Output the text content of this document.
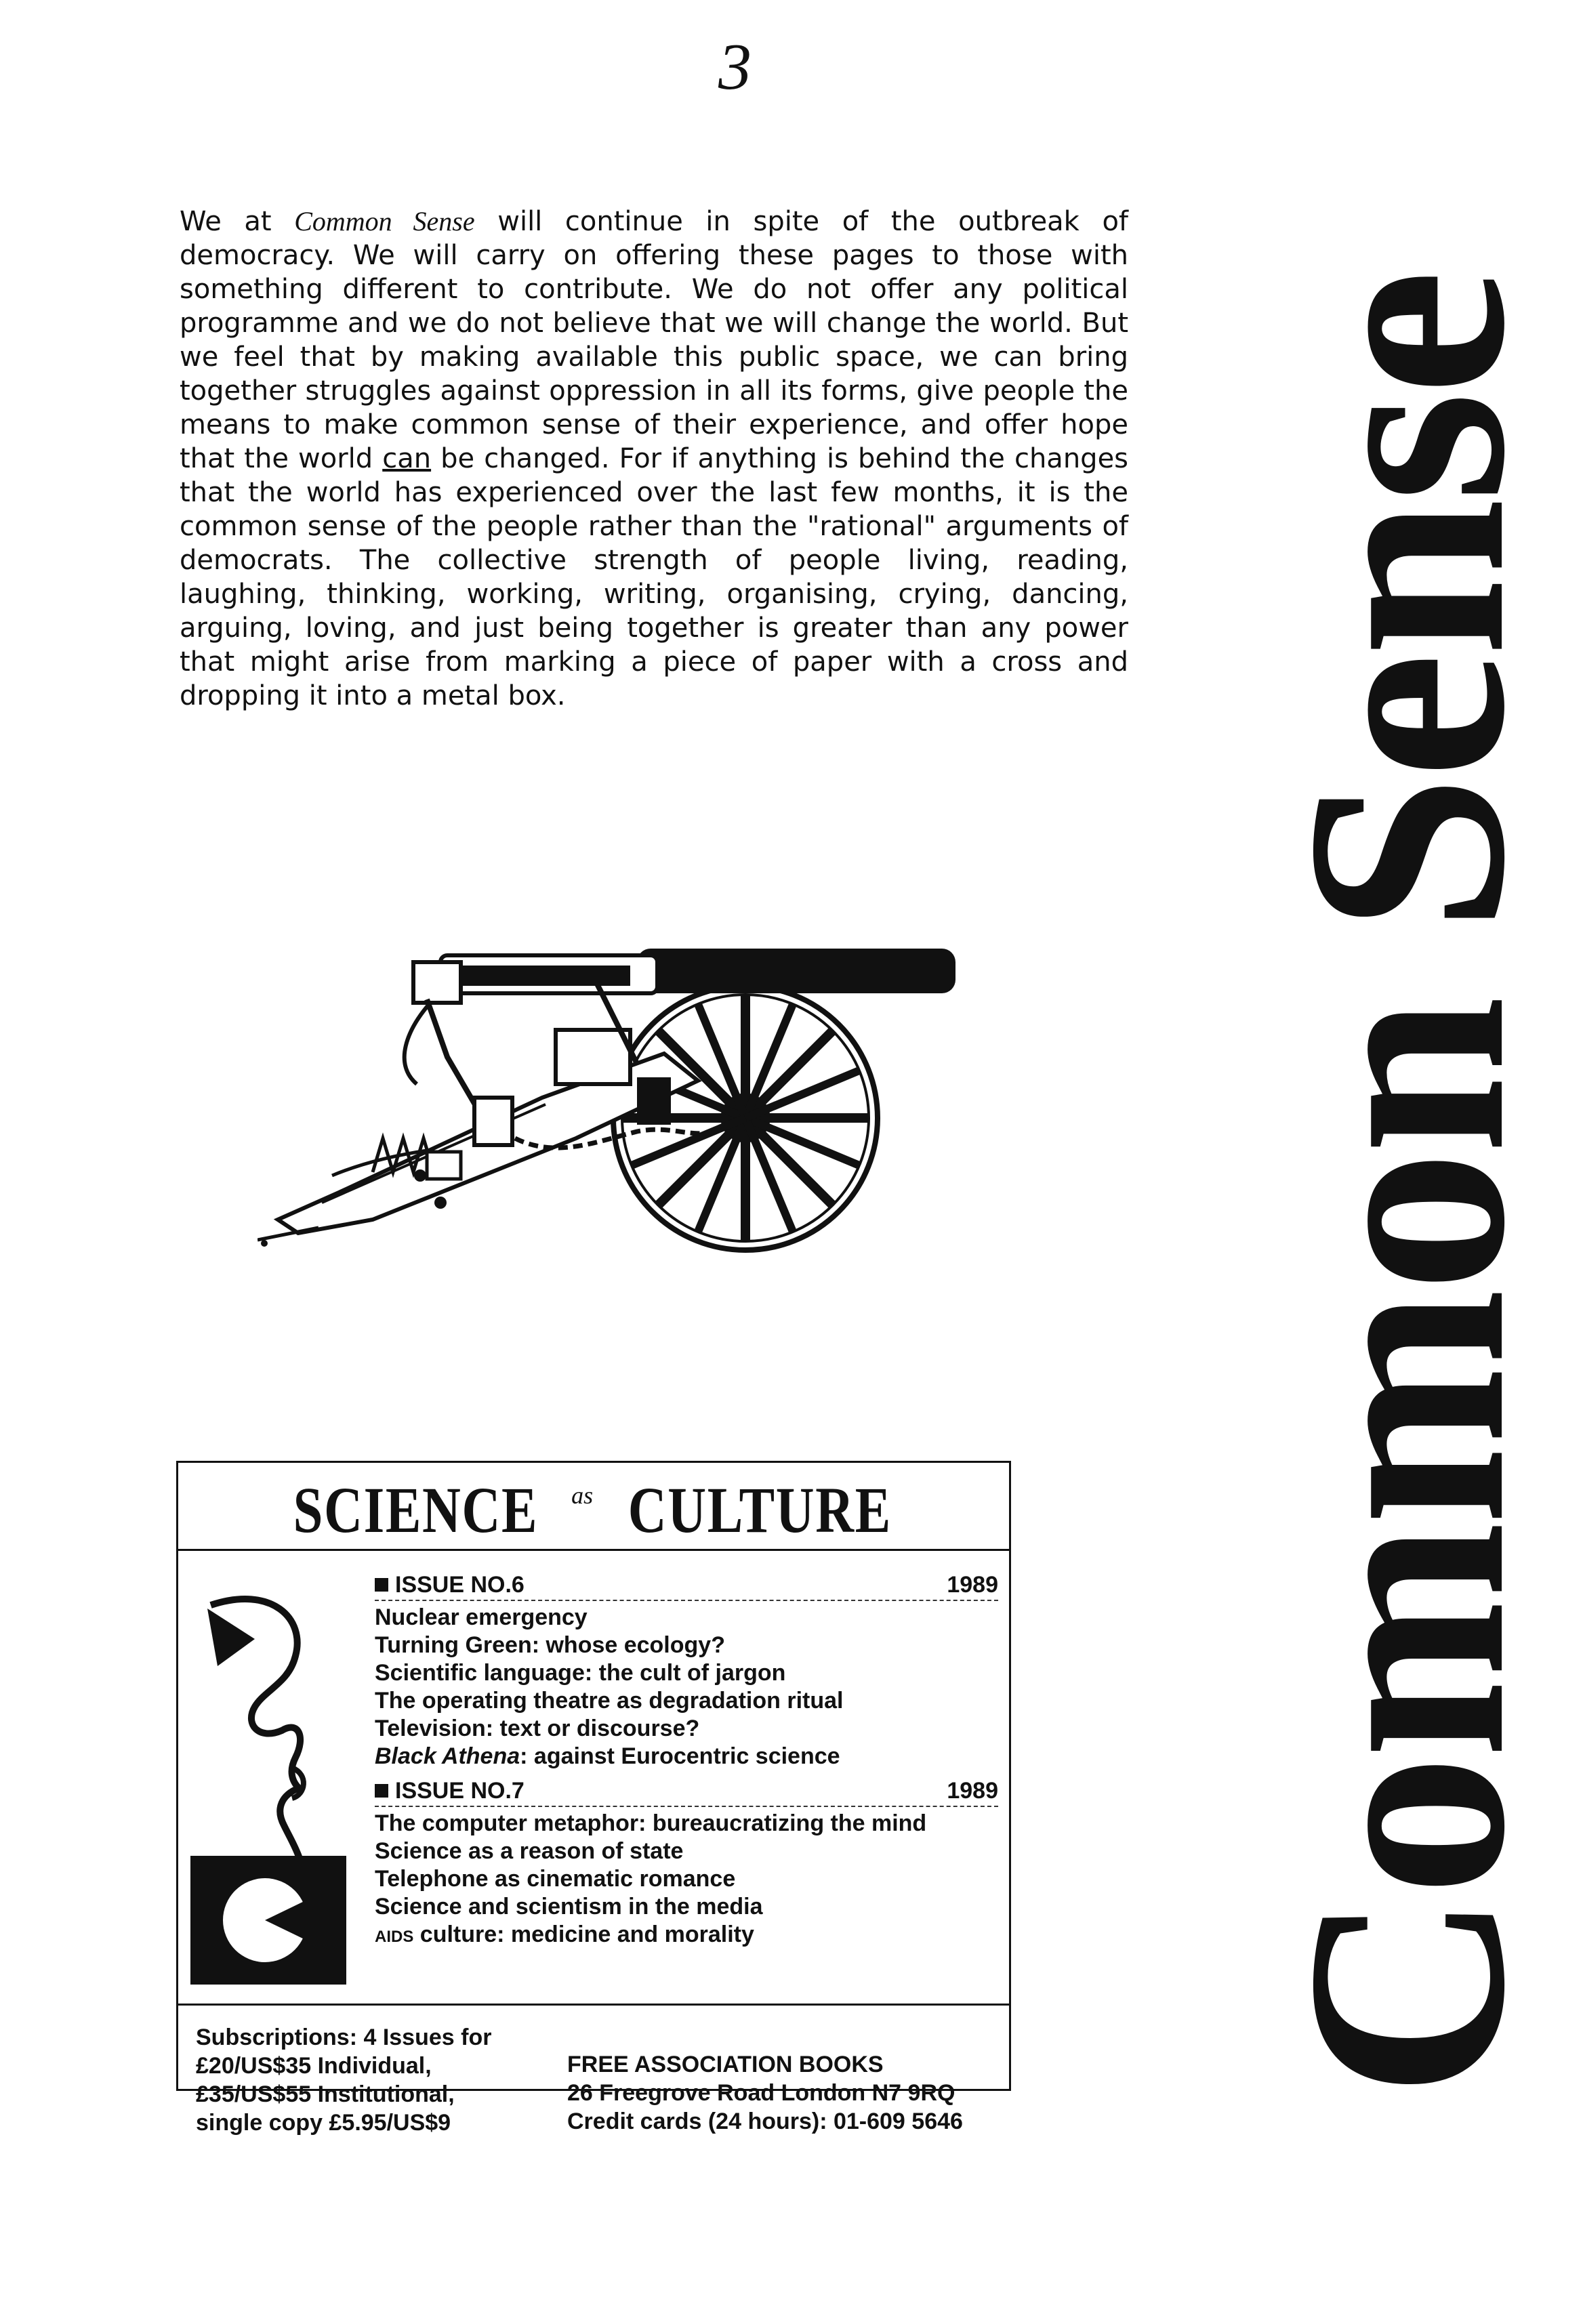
3

We at Common Sense will continue in spite of the outbreak of democracy. We will carry on offering these pages to those with something different to contribute. We do not offer any political programme and we do not believe that we will change the world. But we feel that by making available this public space, we can bring together struggles against oppression in all its forms, give people the means to make common sense of their experience, and offer hope that the world can be changed. For if anything is behind the changes that the world has experienced over the last few months, it is the common sense of the people rather than the "rational" arguments of democrats. The collective strength of people living, reading, laughing, thinking, working, writing, organising, crying, dancing, arguing, loving, and just being together is greater than any power that might arise from marking a piece of paper with a cross and dropping it into a metal box.

SCIENCE as CULTURE
ISSUE NO.6	1989
Nuclear emergency
Turning Green: whose ecology?
Scientific language: the cult of jargon
The operating theatre as degradation ritual
Television: text or discourse?
Black Athena: against Eurocentric science
ISSUE NO.7	1989
The computer metaphor: bureaucratizing the mind
Science as a reason of state
Telephone as cinematic romance
Science and scientism in the media
AIDS culture: medicine and morality
Subscriptions: 4 Issues for
£20/US$35 Individual,
£35/US$55 Institutional,
single copy £5.95/US$9
FREE ASSOCIATION BOOKS
26 Freegrove Road London N7 9RQ
Credit cards (24 hours): 01-609 5646
Common Sense
